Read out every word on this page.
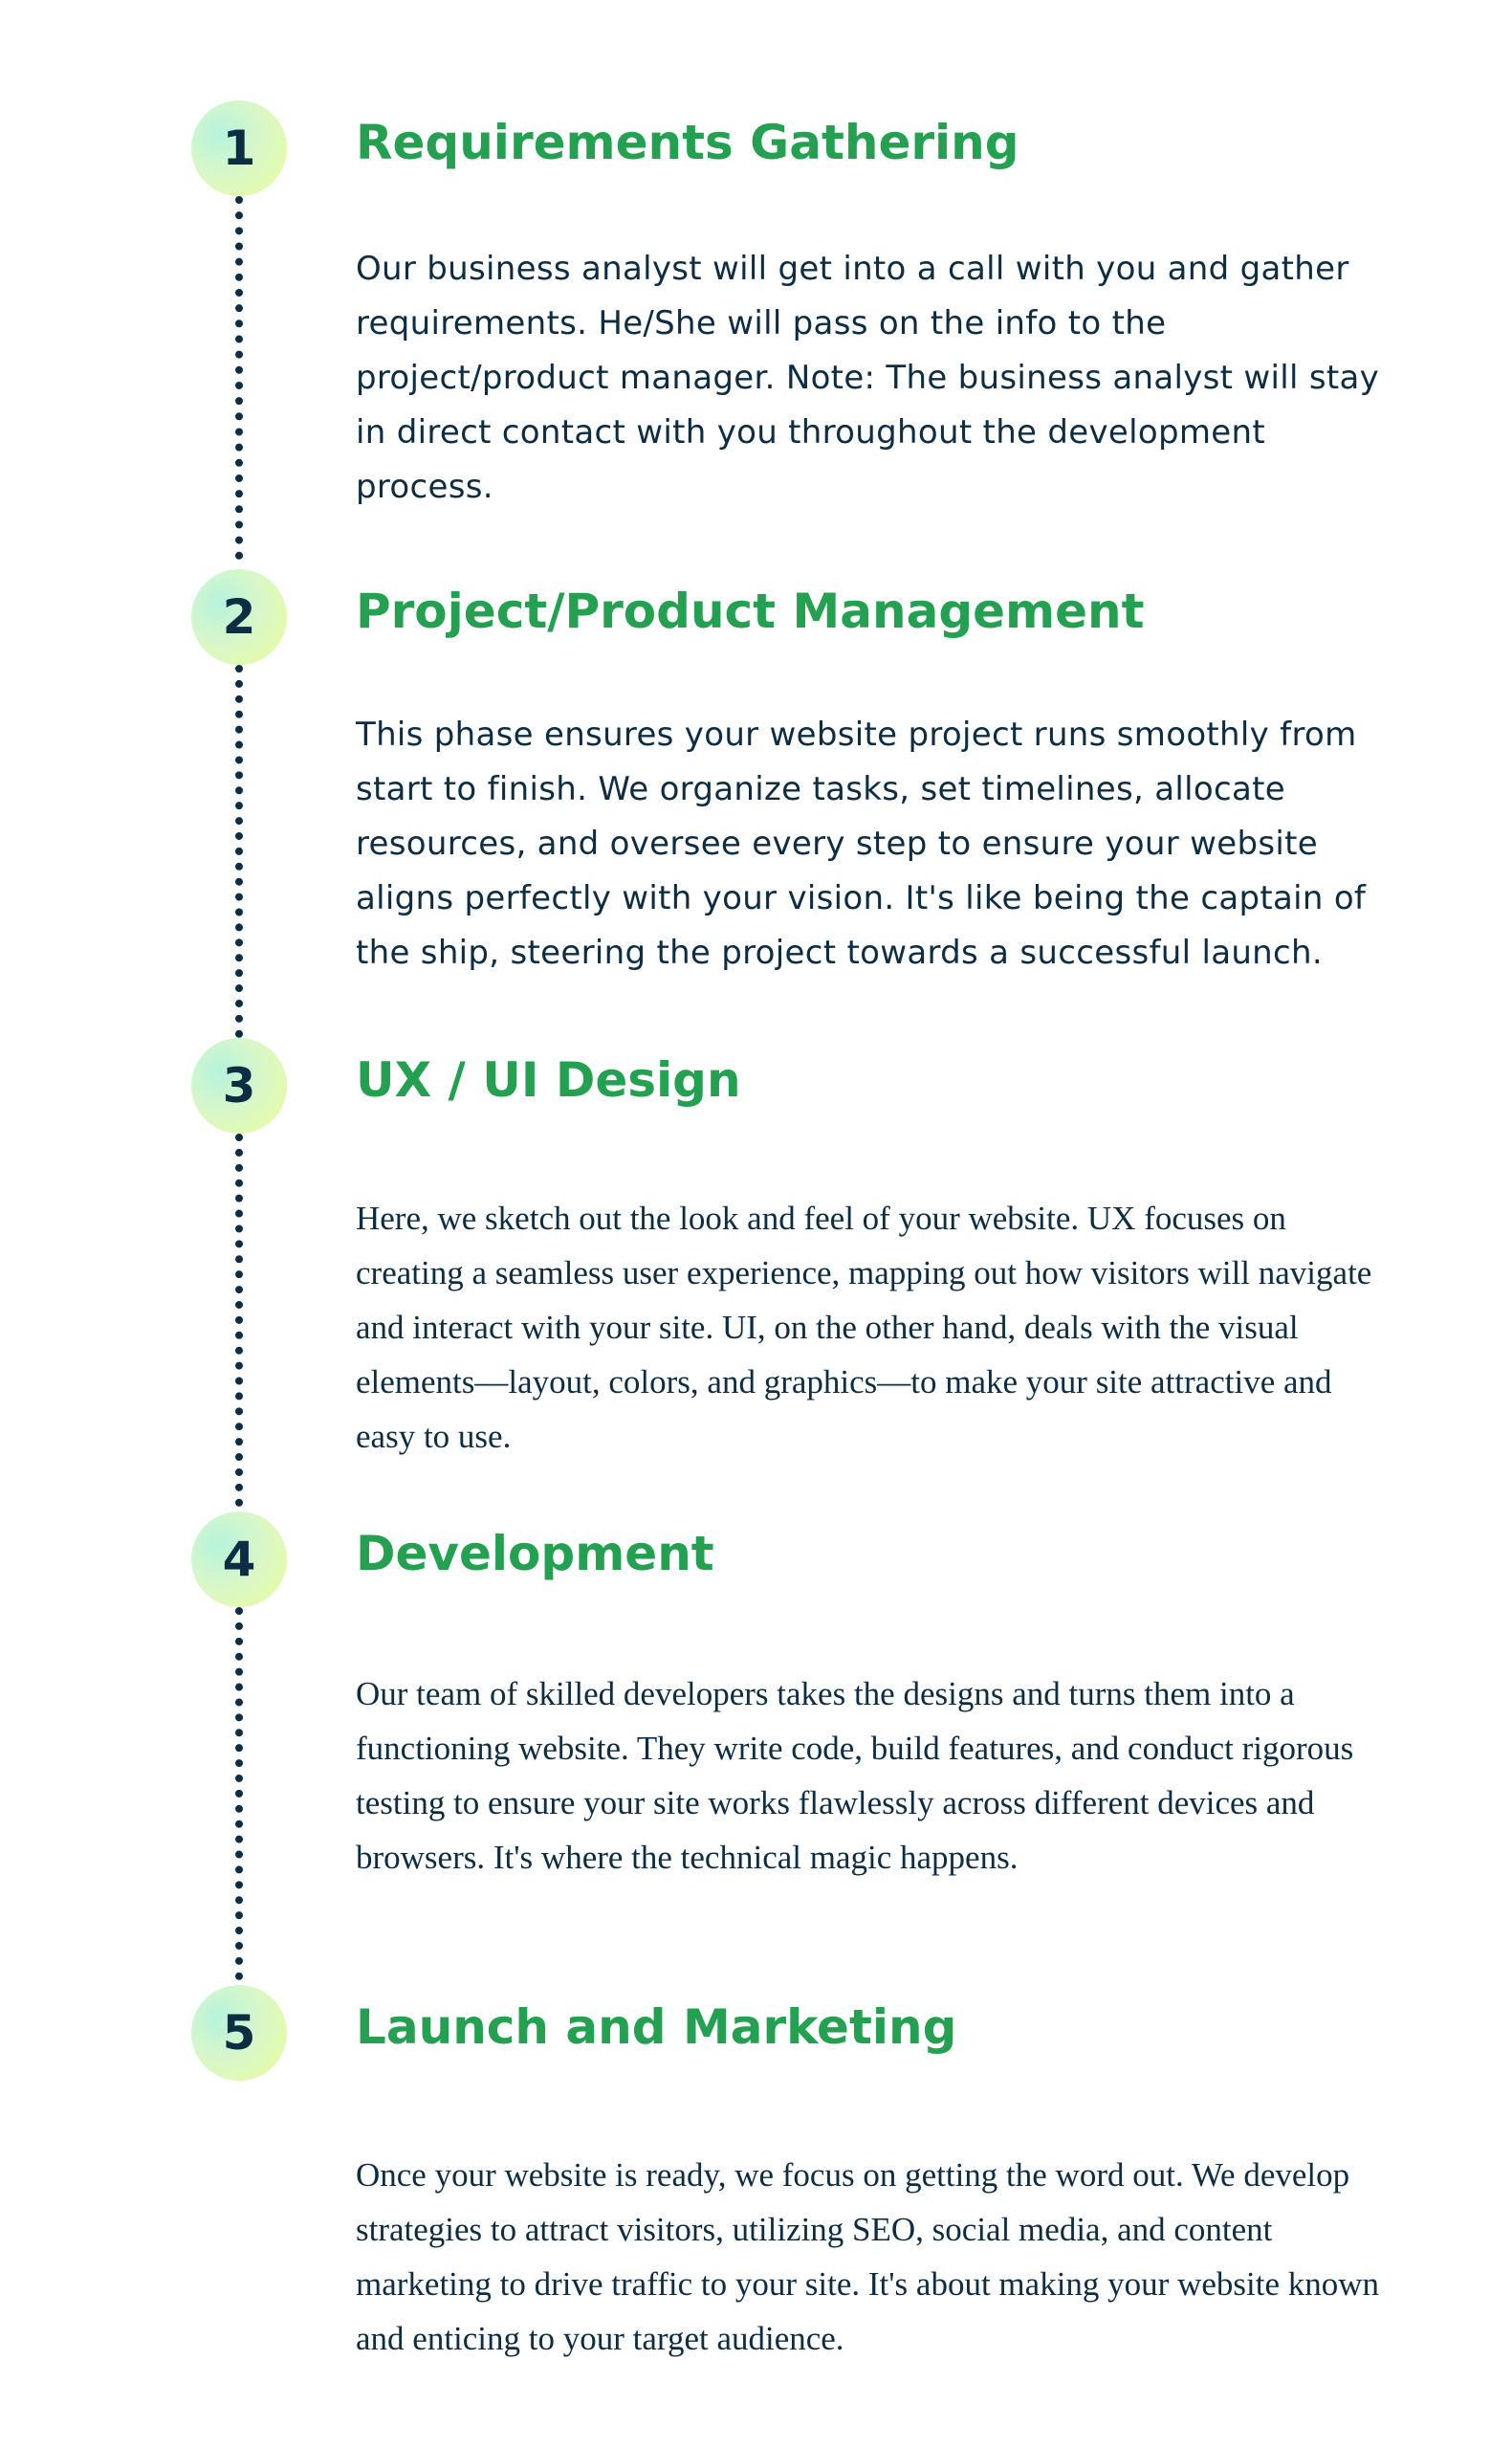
1 Requirements Gathering

Our business analyst will get into a call with you and gather requirements. He/She will pass on the info to the project/product manager. Note: The business analyst will stay in direct contact with you throughout the development process.

2 Project/Product Management

This phase ensures your website project runs smoothly from start to finish. We organize tasks, set timelines, allocate resources, and oversee every step to ensure your website aligns perfectly with your vision. It's like being the captain of the ship, steering the project towards a successful launch.

3 UX / UI Design

Here, we sketch out the look and feel of your website. UX focuses on creating a seamless user experience, mapping out how visitors will navigate and interact with your site. UI, on the other hand, deals with the visual elements—layout, colors, and graphics—to make your site attractive and easy to use.

4 Development

Our team of skilled developers takes the designs and turns them into a functioning website. They write code, build features, and conduct rigorous testing to ensure your site works flawlessly across different devices and browsers. It's where the technical magic happens.

5 Launch and Marketing

Once your website is ready, we focus on getting the word out. We develop strategies to attract visitors, utilizing SEO, social media, and content marketing to drive traffic to your site. It's about making your website known and enticing to your target audience.
